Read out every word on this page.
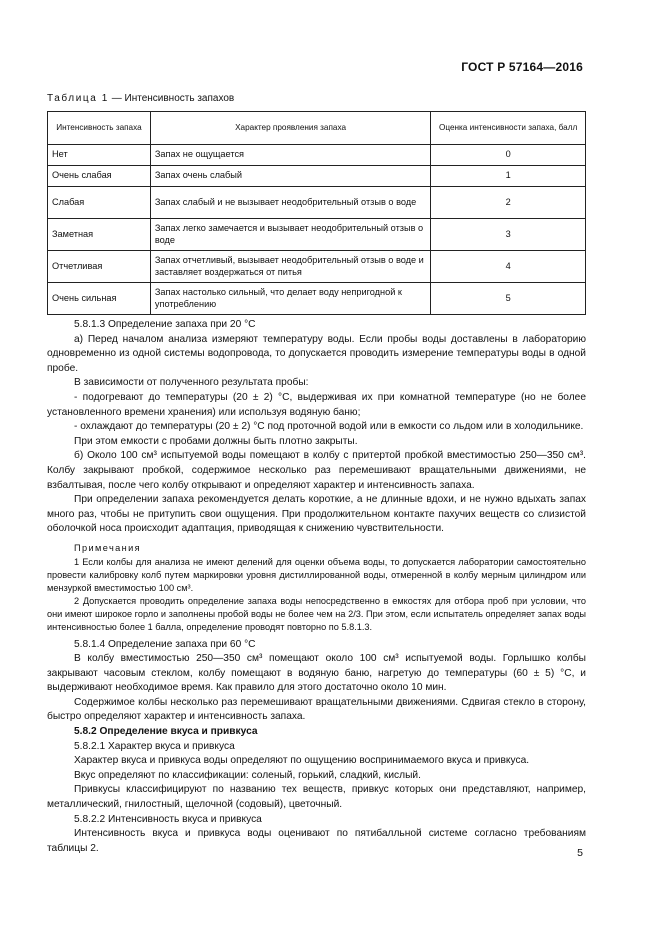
ГОСТ Р 57164—2016
Таблица 1 — Интенсивность запахов
Интенсивность запаха	Характер проявления запаха	Оценка интенсивности запаха, балл
Нет	Запах не ощущается	0
Очень слабая	Запах очень слабый	1
Слабая	Запах слабый и не вызывает неодобрительный отзыв о воде	2
Заметная	Запах легко замечается и вызывает неодобрительный отзыв о воде	3
Отчетливая	Запах отчетливый, вызывает неодобрительный отзыв о воде и заставляет воздержаться от питья	4
Очень сильная	Запах настолько сильный, что делает воду непригодной к употреблению	5

5.8.1.3 Определение запаха при 20 °С

а) Перед началом анализа измеряют температуру воды. Если пробы воды доставлены в лабораторию одновременно из одной системы водопровода, то допускается проводить измерение температуры воды в одной пробе.

В зависимости от полученного результата пробы:

- подогревают до температуры (20 ± 2) °С, выдерживая их при комнатной температуре (но не более установленного времени хранения) или используя водяную баню;

- охлаждают до температуры (20 ± 2) °С под проточной водой или в емкости со льдом или в холодильнике.

При этом емкости с пробами должны быть плотно закрыты.

б) Около 100 см³ испытуемой воды помещают в колбу с притертой пробкой вместимостью 250—350 см³. Колбу закрывают пробкой, содержимое несколько раз перемешивают вращательными движениями, не взбалтывая, после чего колбу открывают и определяют характер и интенсивность запаха.

При определении запаха рекомендуется делать короткие, а не длинные вдохи, и не нужно вдыхать запах много раз, чтобы не притупить свои ощущения. При продолжительном контакте пахучих веществ со слизистой оболочкой носа происходит адаптация, приводящая к снижению чувствительности.

Примечания

1 Если колбы для анализа не имеют делений для оценки объема воды, то допускается лаборатории самостоятельно провести калибровку колб путем маркировки уровня дистиллированной воды, отмеренной в колбу мерным цилиндром или мензуркой вместимостью 100 см³.

2 Допускается проводить определение запаха воды непосредственно в емкостях для отбора проб при условии, что они имеют широкое горло и заполнены пробой воды не более чем на 2/3. При этом, если испытатель определяет запах воды интенсивностью более 1 балла, определение проводят повторно по 5.8.1.3.

5.8.1.4 Определение запаха при 60 °С

В колбу вместимостью 250—350 см³ помещают около 100 см³ испытуемой воды. Горлышко колбы закрывают часовым стеклом, колбу помещают в водяную баню, нагретую до температуры (60 ± 5) °С, и выдерживают необходимое время. Как правило для этого достаточно около 10 мин.

Содержимое колбы несколько раз перемешивают вращательными движениями. Сдвигая стекло в сторону, быстро определяют характер и интенсивность запаха.

5.8.2 Определение вкуса и привкуса

5.8.2.1 Характер вкуса и привкуса

Характер вкуса и привкуса воды определяют по ощущению воспринимаемого вкуса и привкуса.

Вкус определяют по классификации: соленый, горький, сладкий, кислый.

Привкусы классифицируют по названию тех веществ, привкус которых они представляют, например, металлический, гнилостный, щелочной (содовый), цветочный.

5.8.2.2 Интенсивность вкуса и привкуса

Интенсивность вкуса и привкуса воды оценивают по пятибалльной системе согласно требованиям таблицы 2.	5
